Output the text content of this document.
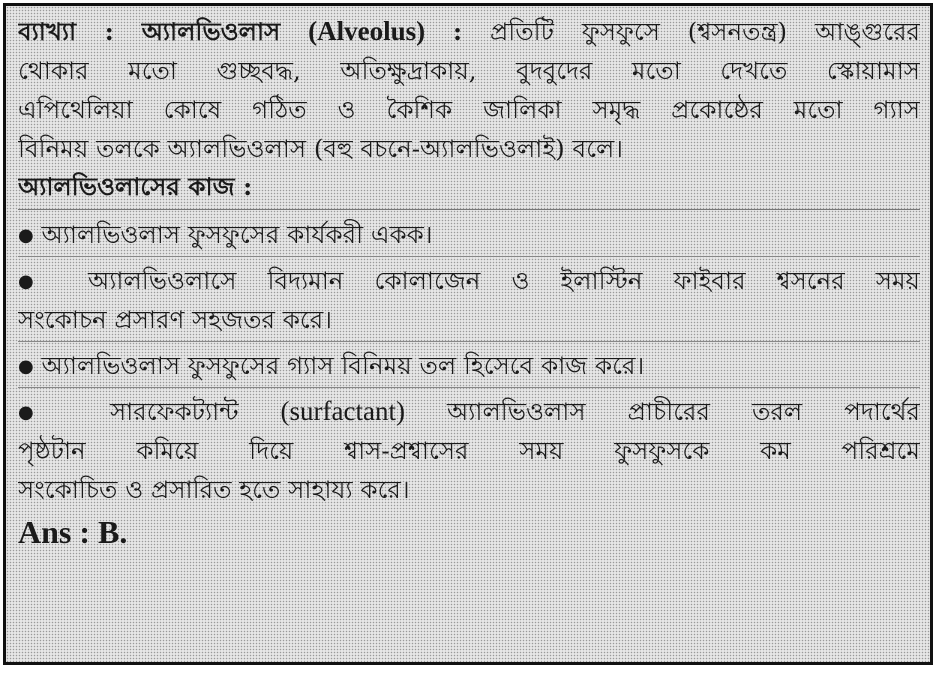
ব্যাখ্যা : অ্যালভিওলাস (Alveolus) : প্রতিটি ফুসফুসে (শ্বসনতন্ত্র) আঙ্গুরের
থোকার মতো গুচ্ছবদ্ধ, অতিক্ষুদ্রাকায়, বুদবুদের মতো দেখতে স্কোয়ামাস
এপিথেলিয়া কোষে গঠিত ও কৈশিক জালিকা সমৃদ্ধ প্রকোষ্ঠের মতো গ্যাস
বিনিময় তলকে অ্যালভিওলাস (বহু বচনে-অ্যালভিওলাই) বলে।
অ্যালভিওলাসের কাজ :
● অ্যালভিওলাস ফুসফুসের কার্যকরী একক।
● অ্যালভিওলাসে বিদ্যমান কোলাজেন ও ইলাস্টিন ফাইবার শ্বসনের সময়
সংকোচন প্রসারণ সহজতর করে।
● অ্যালভিওলাস ফুসফুসের গ্যাস বিনিময় তল হিসেবে কাজ করে।
● সারফেকট্যান্ট (surfactant) অ্যালভিওলাস প্রাচীরের তরল পদার্থের
পৃষ্ঠটান কমিয়ে দিয়ে শ্বাস-প্রশ্বাসের সময় ফুসফুসকে কম পরিশ্রমে
সংকোচিত ও প্রসারিত হতে সাহায্য করে।
Ans : B.
